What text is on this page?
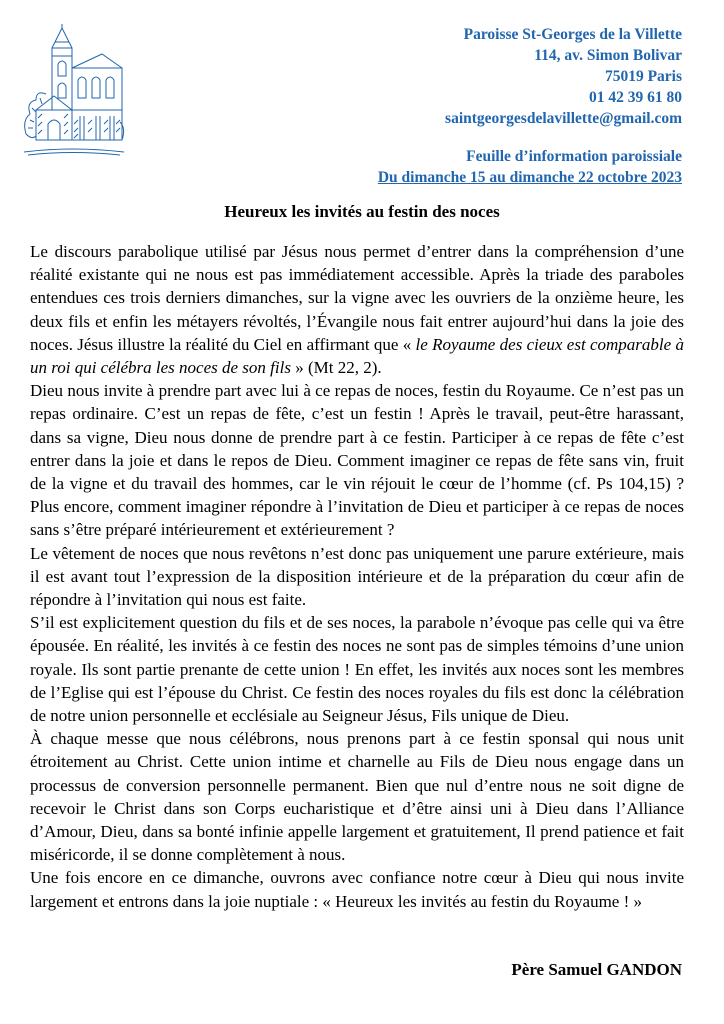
Paroisse St-Georges de la Villette
114, av. Simon Bolivar
75019 Paris
01 42 39 61 80
saintgeorgesdelavillette@gmail.com
Feuille d’information paroissiale
Du dimanche 15 au dimanche 22 octobre 2023
Heureux les invités au festin des noces

Le discours parabolique utilisé par Jésus nous permet d’entrer dans la compréhension d’une réalité existante qui ne nous est pas immédiatement accessible. Après la triade des paraboles entendues ces trois derniers dimanches, sur la vigne avec les ouvriers de la onzième heure, les deux fils et enfin les métayers révoltés, l’Évangile nous fait entrer aujourd’hui dans la joie des noces. Jésus illustre la réalité du Ciel en affirmant que « le Royaume des cieux est comparable à un roi qui célébra les noces de son fils » (Mt 22, 2).

Dieu nous invite à prendre part avec lui à ce repas de noces, festin du Royaume. Ce n’est pas un repas ordinaire. C’est un repas de fête, c’est un festin ! Après le travail, peut-être harassant, dans sa vigne, Dieu nous donne de prendre part à ce festin. Participer à ce repas de fête c’est entrer dans la joie et dans le repos de Dieu. Comment imaginer ce repas de fête sans vin, fruit de la vigne et du travail des hommes, car le vin réjouit le cœur de l’homme (cf. Ps 104,15) ? Plus encore, comment imaginer répondre à l’invitation de Dieu et participer à ce repas de noces sans s’être préparé intérieurement et extérieurement ?

Le vêtement de noces que nous revêtons n’est donc pas uniquement une parure extérieure, mais il est avant tout l’expression de la disposition intérieure et de la préparation du cœur afin de répondre à l’invitation qui nous est faite.

S’il est explicitement question du fils et de ses noces, la parabole n’évoque pas celle qui va être épousée. En réalité, les invités à ce festin des noces ne sont pas de simples témoins d’une union royale. Ils sont partie prenante de cette union ! En effet, les invités aux noces sont les membres de l’Eglise qui est l’épouse du Christ. Ce festin des noces royales du fils est donc la célébration de notre union personnelle et ecclésiale au Seigneur Jésus, Fils unique de Dieu.

À chaque messe que nous célébrons, nous prenons part à ce festin sponsal qui nous unit étroitement au Christ. Cette union intime et charnelle au Fils de Dieu nous engage dans un processus de conversion personnelle permanent. Bien que nul d’entre nous ne soit digne de recevoir le Christ dans son Corps eucharistique et d’être ainsi uni à Dieu dans l’Alliance d’Amour, Dieu, dans sa bonté infinie appelle largement et gratuitement, Il prend patience et fait miséricorde, il se donne complètement à nous.

Une fois encore en ce dimanche, ouvrons avec confiance notre cœur à Dieu qui nous invite largement et entrons dans la joie nuptiale : « Heureux les invités au festin du Royaume ! »

Père Samuel GANDON
